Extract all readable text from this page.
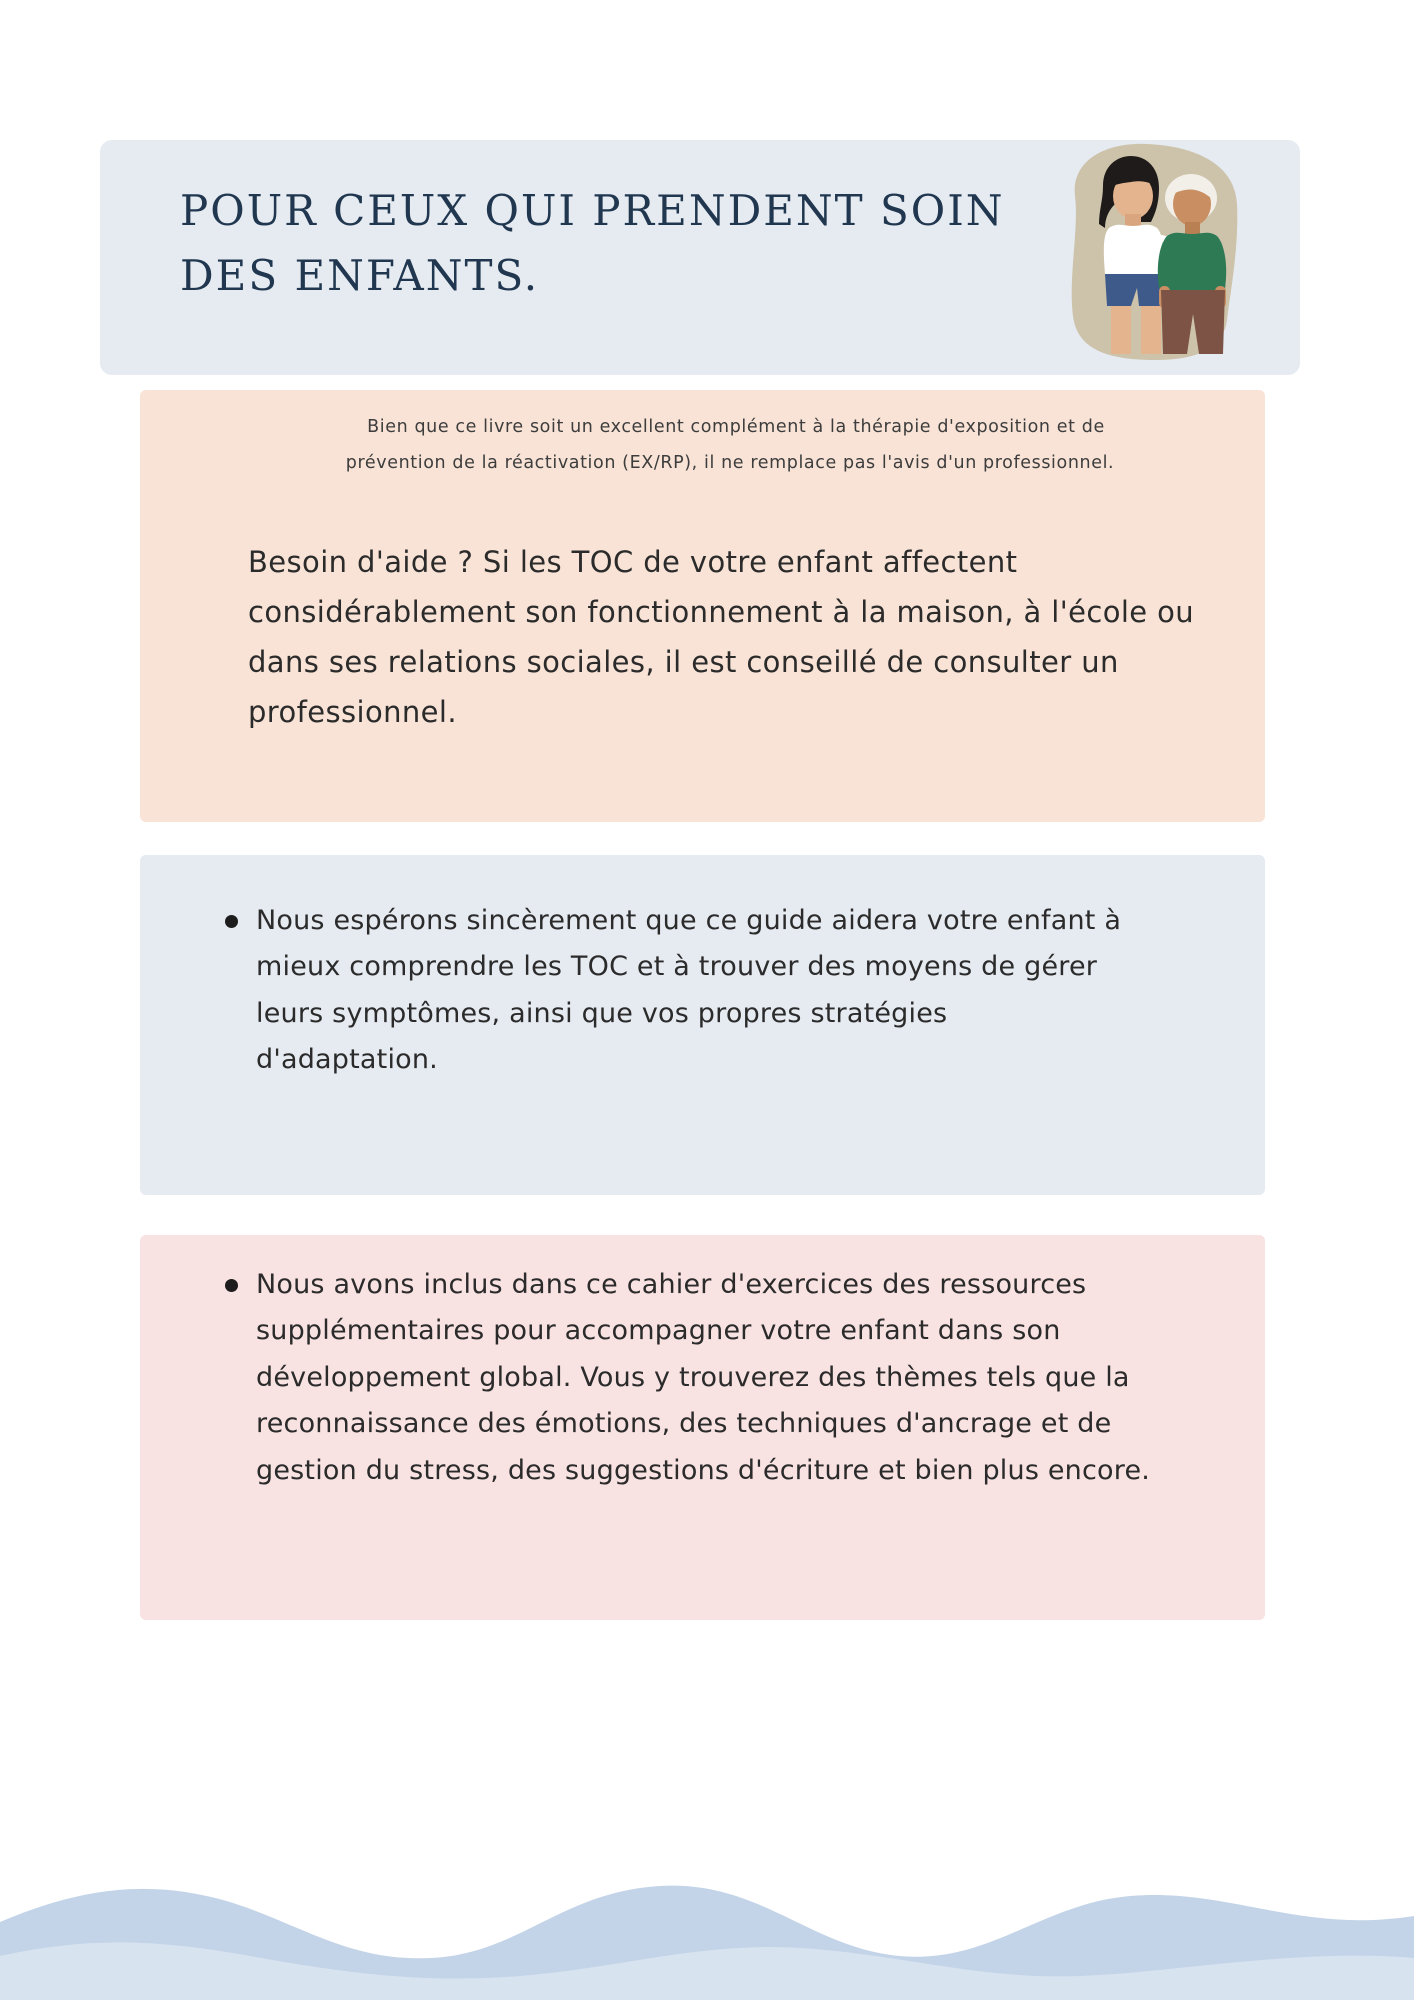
POUR CEUX QUI PRENDENT SOIN DES ENFANTS.
Bien que ce livre soit un excellent complément à la thérapie d'exposition et de
prévention de la réactivation (EX/RP), il ne remplace pas l'avis d'un professionnel.
Besoin d'aide ? Si les TOC de votre enfant affectent considérablement son fonctionnement à la maison, à l'école ou dans ses relations sociales, il est conseillé de consulter un professionnel.
Nous espérons sincèrement que ce guide aidera votre enfant à mieux comprendre les TOC et à trouver des moyens de gérer leurs symptômes, ainsi que vos propres stratégies d'adaptation.
Nous avons inclus dans ce cahier d'exercices des ressources supplémentaires pour accompagner votre enfant dans son développement global. Vous y trouverez des thèmes tels que la reconnaissance des émotions, des techniques d'ancrage et de gestion du stress, des suggestions d'écriture et bien plus encore.
